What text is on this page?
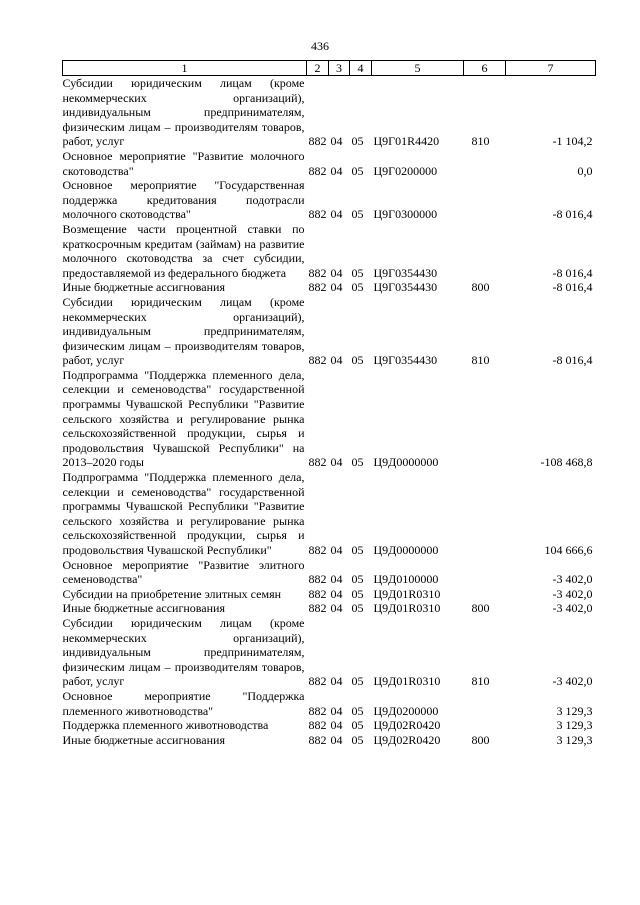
436
1	2	3	4	5	6	7
Субсидии юридическим лицам (кроме некоммерческих организаций), индивидуальным предпринимателям, физическим лицам – производителям товаров, работ, услуг	882	04	05	Ц9Г01R4420	810	-1 104,2
Основное мероприятие "Развитие молочного скотоводства"	882	04	05	Ц9Г0200000		0,0
Основное мероприятие "Государственная поддержка кредитования подотрасли молочного скотоводства"	882	04	05	Ц9Г0300000		-8 016,4
Возмещение части процентной ставки по краткосрочным кредитам (займам) на развитие молочного скотоводства за счет субсидии, предоставляемой из федерального бюджета	882	04	05	Ц9Г0354430		-8 016,4
Иные бюджетные ассигнования	882	04	05	Ц9Г0354430	800	-8 016,4
Субсидии юридическим лицам (кроме некоммерческих организаций), индивидуальным предпринимателям, физическим лицам – производителям товаров, работ, услуг	882	04	05	Ц9Г0354430	810	-8 016,4
Подпрограмма "Поддержка племенного дела, селекции и семеноводства" государственной программы Чувашской Республики "Развитие сельского хозяйства и регулирование рынка сельскохозяйственной продукции, сырья и продовольствия Чувашской Республики" на 2013–2020 годы	882	04	05	Ц9Д0000000		-108 468,8
Подпрограмма "Поддержка племенного дела, селекции и семеноводства" государственной программы Чувашской Республики "Развитие сельского хозяйства и регулирование рынка сельскохозяйственной продукции, сырья и продовольствия Чувашской Республики"	882	04	05	Ц9Д0000000		104 666,6
Основное мероприятие "Развитие элитного семеноводства"	882	04	05	Ц9Д0100000		-3 402,0
Субсидии на приобретение элитных семян	882	04	05	Ц9Д01R0310		-3 402,0
Иные бюджетные ассигнования	882	04	05	Ц9Д01R0310	800	-3 402,0
Субсидии юридическим лицам (кроме некоммерческих организаций), индивидуальным предпринимателям, физическим лицам – производителям товаров, работ, услуг	882	04	05	Ц9Д01R0310	810	-3 402,0
Основное мероприятие "Поддержка племенного животноводства"	882	04	05	Ц9Д0200000		3 129,3
Поддержка племенного животноводства	882	04	05	Ц9Д02R0420		3 129,3
Иные бюджетные ассигнования	882	04	05	Ц9Д02R0420	800	3 129,3
